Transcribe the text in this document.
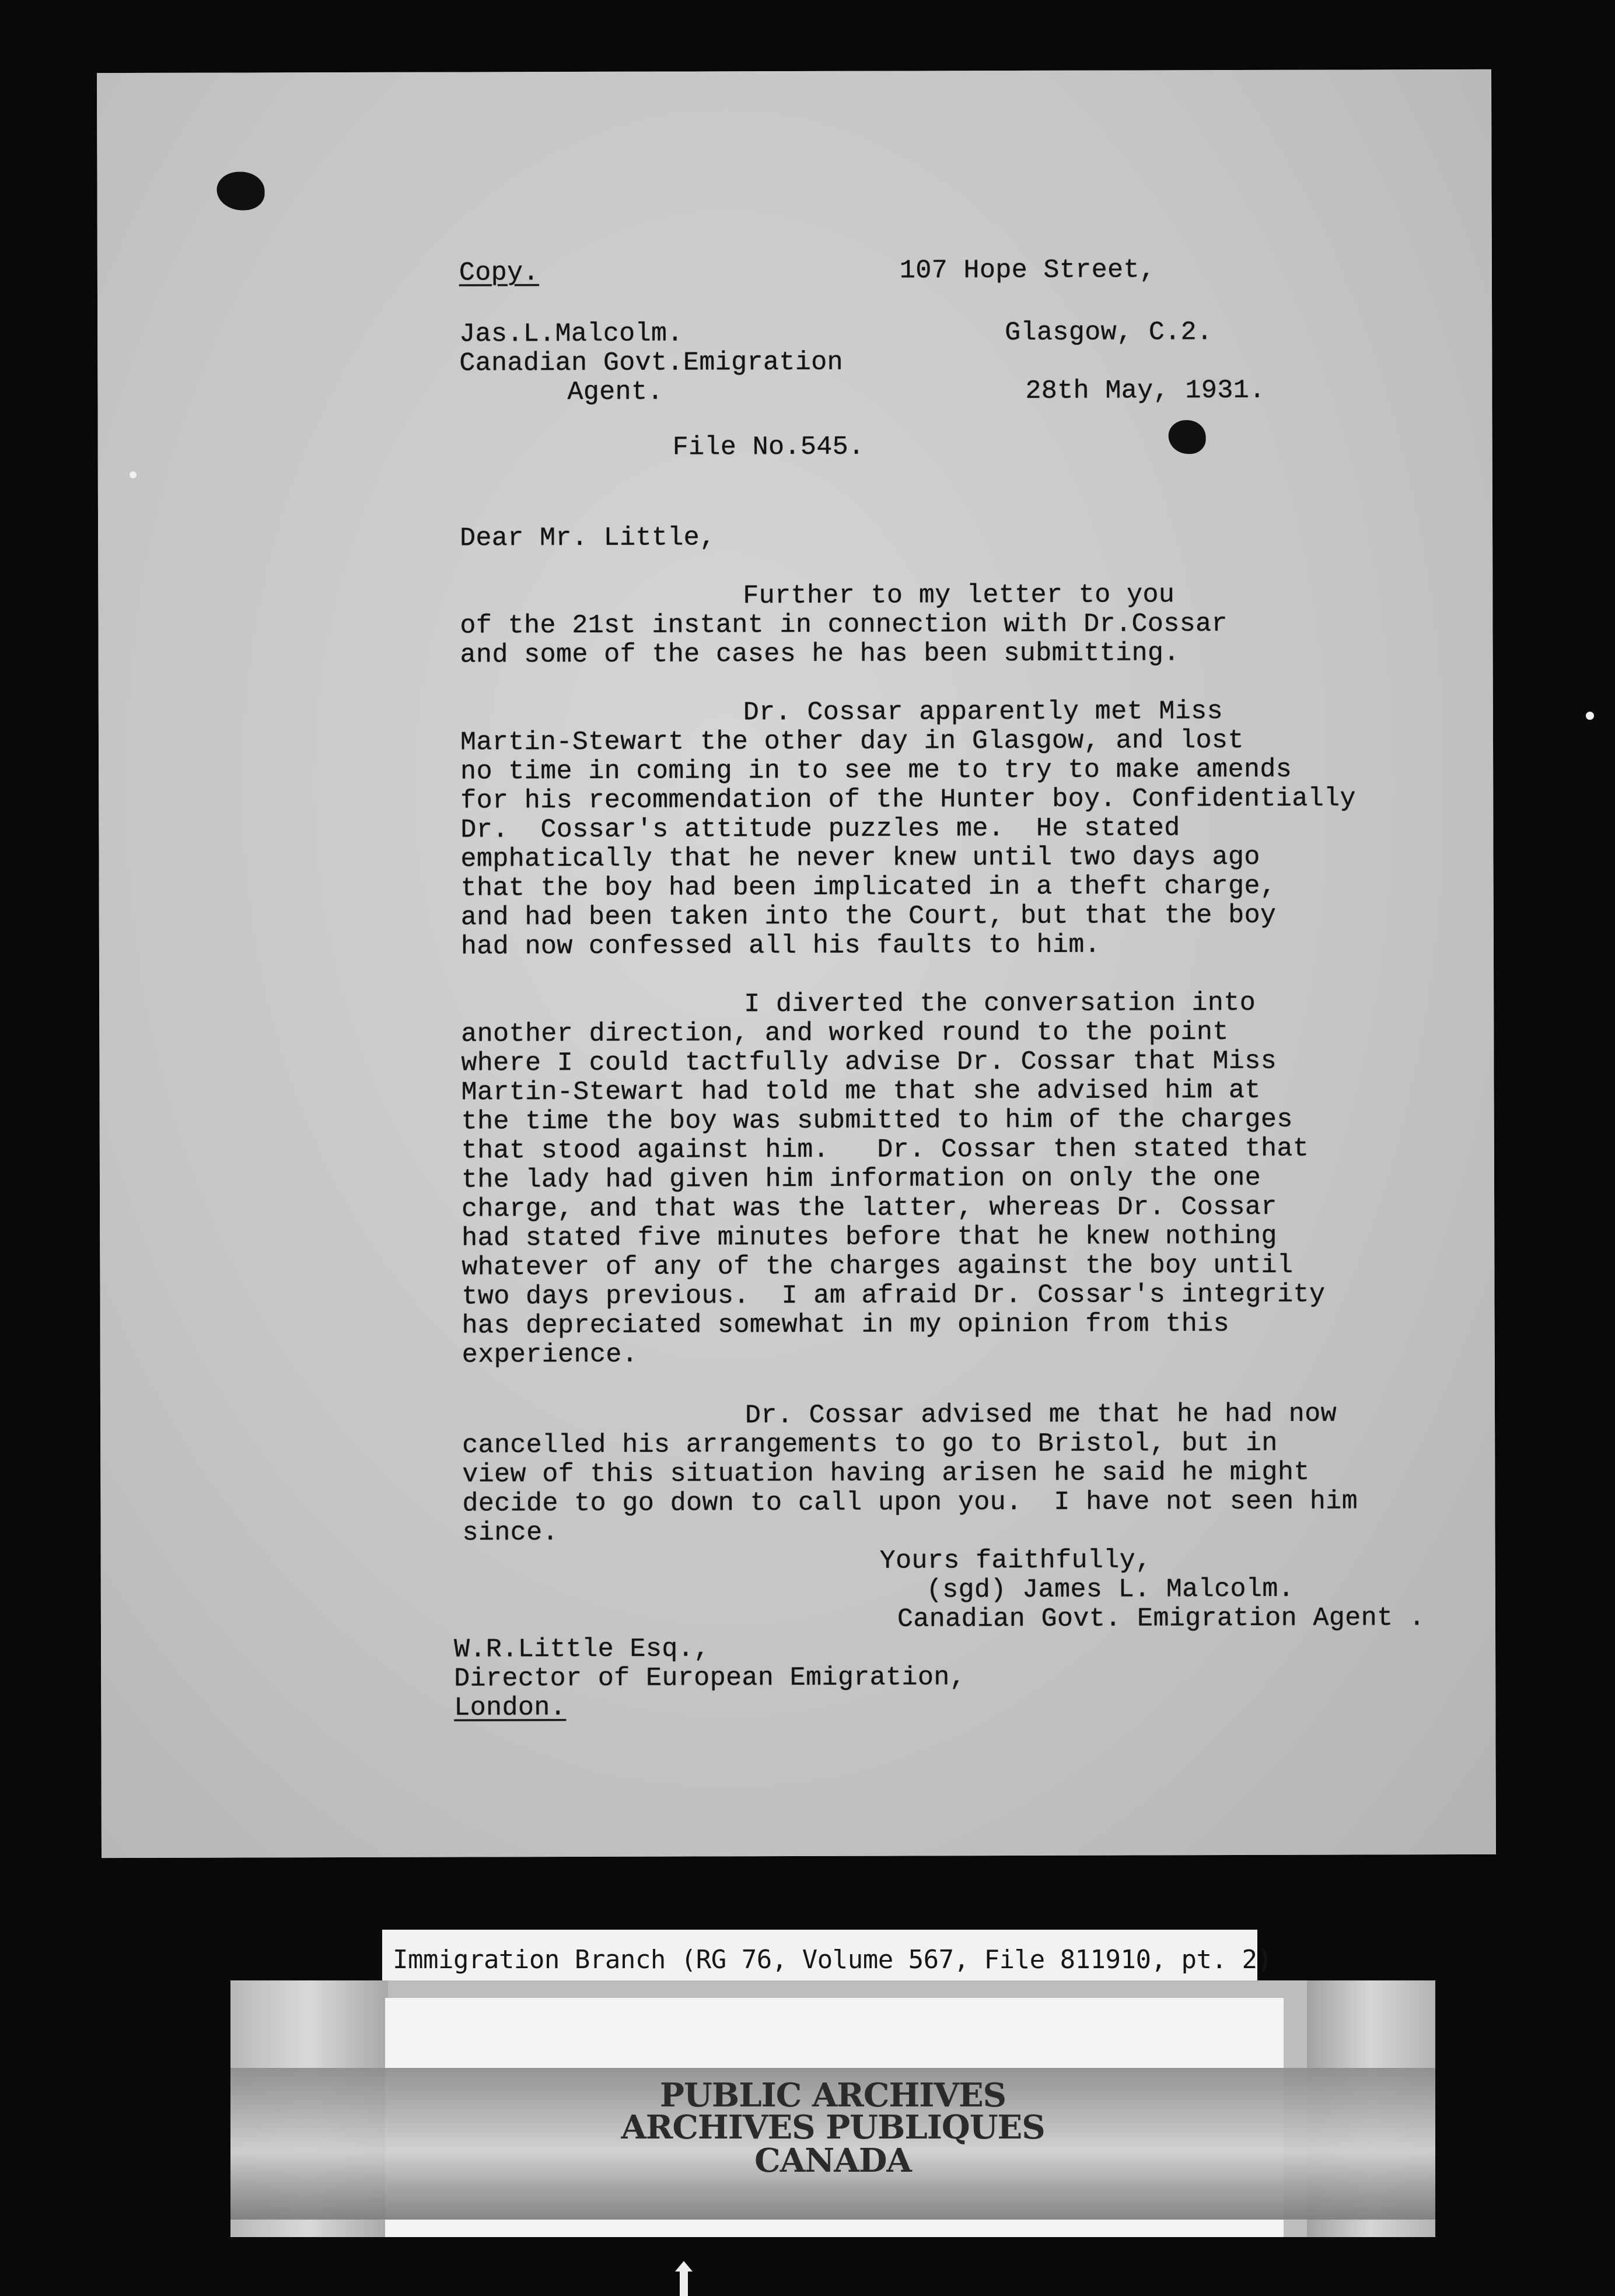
Copy.	107 Hope Street,
Jas.L.Malcolm.	Glasgow, C.2.
Canadian Govt.Emigration
Agent.	28th May, 1931.
File No.545.
Dear Mr. Little,
Further to my letter to you
of the 21st instant in connection with Dr.Cossar
and some of the cases he has been submitting.
Dr. Cossar apparently met Miss
Martin-Stewart the other day in Glasgow, and lost
no time in coming in to see me to try to make amends
for his recommendation of the Hunter boy. Confidentially
Dr.  Cossar's attitude puzzles me.  He stated
emphatically that he never knew until two days ago
that the boy had been implicated in a theft charge,
and had been taken into the Court, but that the boy
had now confessed all his faults to him.
I diverted the conversation into
another direction, and worked round to the point
where I could tactfully advise Dr. Cossar that Miss
Martin-Stewart had told me that she advised him at
the time the boy was submitted to him of the charges
that stood against him.   Dr. Cossar then stated that
the lady had given him information on only the one
charge, and that was the latter, whereas Dr. Cossar
had stated five minutes before that he knew nothing
whatever of any of the charges against the boy until
two days previous.  I am afraid Dr. Cossar's integrity
has depreciated somewhat in my opinion from this
experience.
Dr. Cossar advised me that he had now
cancelled his arrangements to go to Bristol, but in
view of this situation having arisen he said he might
decide to go down to call upon you.  I have not seen him
since.
Yours faithfully,
(sgd) James L. Malcolm.
Canadian Govt. Emigration Agent .
W.R.Little Esq.,
Director of European Emigration,
London.
Immigration Branch (RG 76, Volume 567, File 811910, pt. 2)
PUBLIC ARCHIVES
ARCHIVES PUBLIQUES
CANADA
